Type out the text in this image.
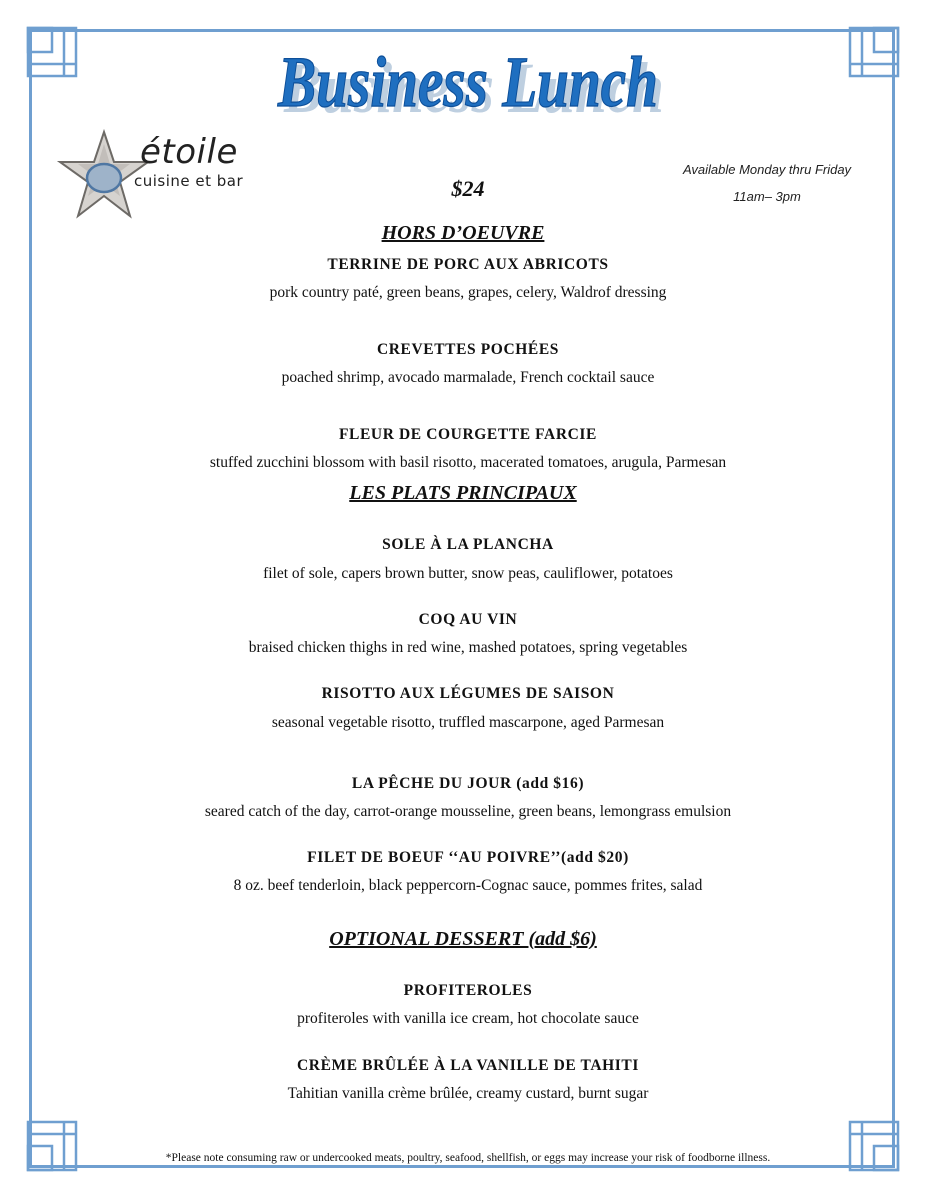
Business Lunch
Business Lunch
étoile
cuisine et bar	$24
Available Monday thru Friday
11am– 3pm
HORS D’OEUVRE
TERRINE DE PORC AUX ABRICOTS
pork country paté, green beans, grapes, celery, Waldrof dressing
CREVETTES POCHÉES
poached shrimp, avocado marmalade, French cocktail sauce
FLEUR DE COURGETTE FARCIE
stuffed zucchini blossom with basil risotto, macerated tomatoes, arugula, Parmesan
LES PLATS PRINCIPAUX
SOLE À LA PLANCHA
filet of sole, capers brown butter, snow peas, cauliflower, potatoes
COQ AU VIN
braised chicken thighs in red wine, mashed potatoes, spring vegetables
RISOTTO AUX LÉGUMES DE SAISON
seasonal vegetable risotto, truffled mascarpone, aged Parmesan
LA PÊCHE DU JOUR (add $16)
seared catch of the day, carrot-orange mousseline, green beans, lemongrass emulsion
FILET DE BOEUF ‘‘AU POIVRE’’(add $20)
8 oz. beef tenderloin, black peppercorn-Cognac sauce, pommes frites, salad
OPTIONAL DESSERT (add $6)
PROFITEROLES
profiteroles with vanilla ice cream, hot chocolate sauce
CRÈME BRÛLÉE À LA VANILLE DE TAHITI
Tahitian vanilla crème brûlée, creamy custard, burnt sugar
*Please note consuming raw or undercooked meats, poultry, seafood, shellfish, or eggs may increase your risk of foodborne illness.
